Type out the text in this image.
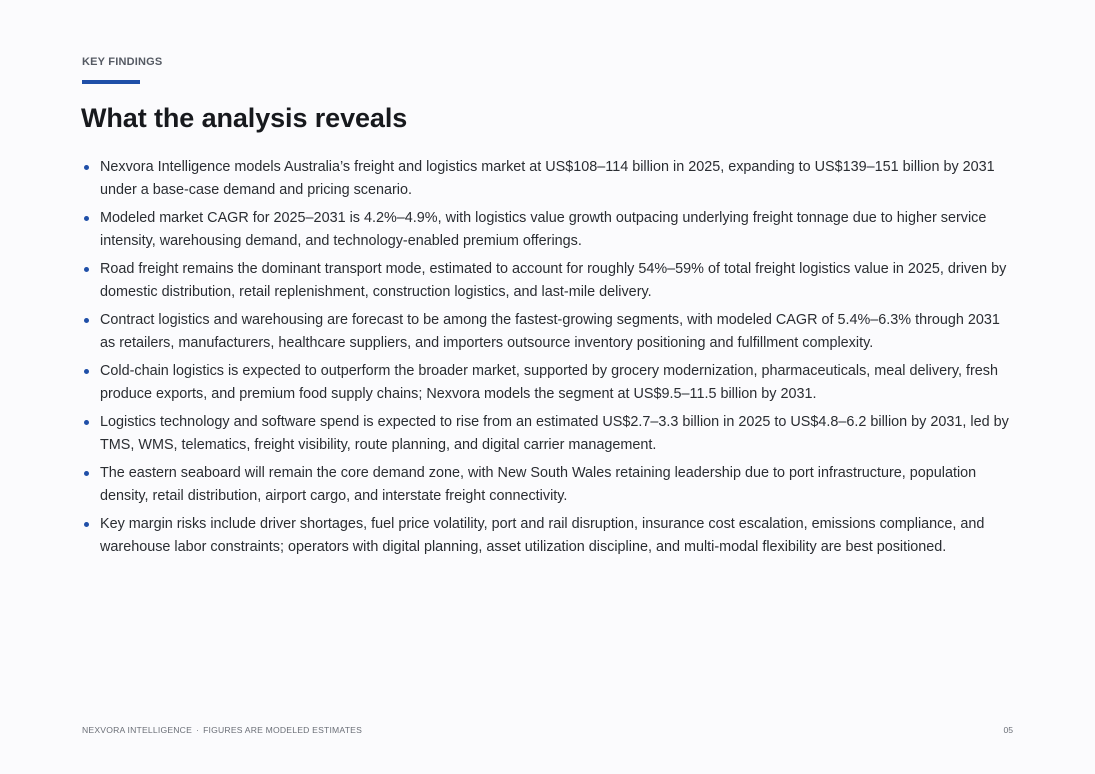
KEY FINDINGS
What the analysis reveals
Nexvora Intelligence models Australia’s freight and logistics market at US$108–114 billion in 2025, expanding to US$139–151 billion by 2031 under a base-case demand and pricing scenario.
Modeled market CAGR for 2025–2031 is 4.2%–4.9%, with logistics value growth outpacing underlying freight tonnage due to higher service intensity, warehousing demand, and technology-enabled premium offerings.
Road freight remains the dominant transport mode, estimated to account for roughly 54%–59% of total freight logistics value in 2025, driven by domestic distribution, retail replenishment, construction logistics, and last-mile delivery.
Contract logistics and warehousing are forecast to be among the fastest-growing segments, with modeled CAGR of 5.4%–6.3% through 2031 as retailers, manufacturers, healthcare suppliers, and importers outsource inventory positioning and fulfillment complexity.
Cold-chain logistics is expected to outperform the broader market, supported by grocery modernization, pharmaceuticals, meal delivery, fresh produce exports, and premium food supply chains; Nexvora models the segment at US$9.5–11.5 billion by 2031.
Logistics technology and software spend is expected to rise from an estimated US$2.7–3.3 billion in 2025 to US$4.8–6.2 billion by 2031, led by TMS, WMS, telematics, freight visibility, route planning, and digital carrier management.
The eastern seaboard will remain the core demand zone, with New South Wales retaining leadership due to port infrastructure, population density, retail distribution, airport cargo, and interstate freight connectivity.
Key margin risks include driver shortages, fuel price volatility, port and rail disruption, insurance cost escalation, emissions compliance, and warehouse labor constraints; operators with digital planning, asset utilization discipline, and multi-modal flexibility are best positioned.
NEXVORA INTELLIGENCE · FIGURES ARE MODELED ESTIMATES	05
